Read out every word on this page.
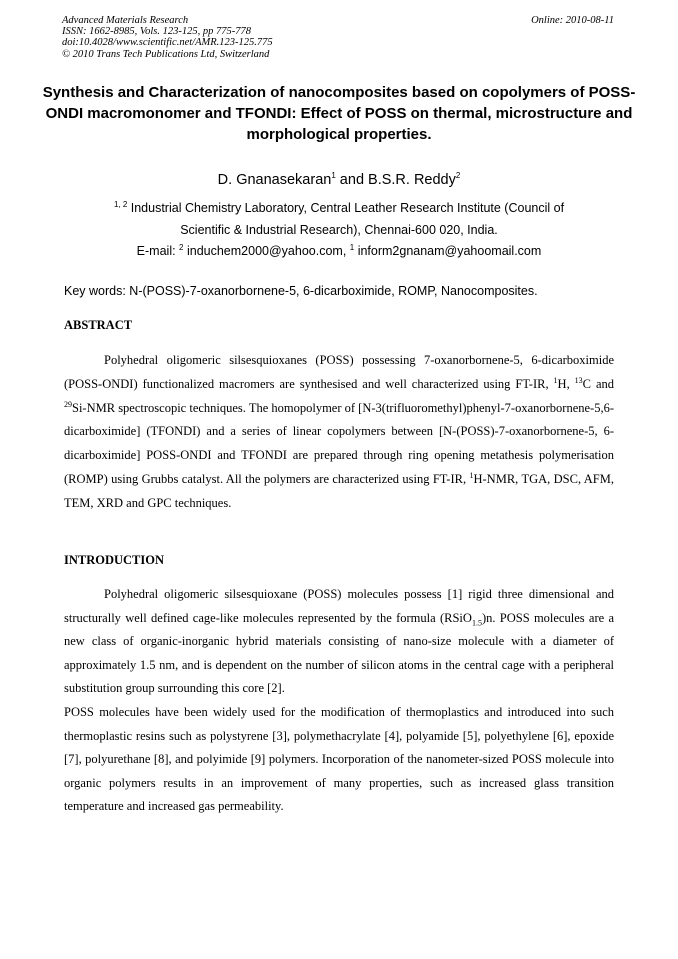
Advanced Materials Research
ISSN: 1662-8985, Vols. 123-125, pp 775-778
doi:10.4028/www.scientific.net/AMR.123-125.775
© 2010 Trans Tech Publications Ltd, Switzerland
Online: 2010-08-11
Synthesis and Characterization of nanocomposites based on copolymers of POSS-ONDI macromonomer and TFONDI: Effect of POSS on thermal, microstructure and morphological properties.
D. Gnanasekaran$^1$ and B.S.R. Reddy$^2$
$^{1, 2}$ Industrial Chemistry Laboratory, Central Leather Research Institute (Council of
Scientific & Industrial Research), Chennai-600 020, India.
E-mail: $^2$ induchem2000@yahoo.com, $^1$ inform2gnanam@yahoomail.com
Key words: N-(POSS)-7-oxanorbornene-5, 6-dicarboximide, ROMP, Nanocomposites.
ABSTRACT
Polyhedral oligomeric silsesquioxanes (POSS) possessing 7-oxanorbornene-5, 6-dicarboximide (POSS-ONDI) functionalized macromers are synthesised and well characterized using FT-IR, $^1$H, $^{13}$C and $^{29}$Si-NMR spectroscopic techniques. The homopolymer of [N-3(trifluoromethyl)phenyl-7-oxanorbornene-5,6-dicarboximide] (TFONDI) and a series of linear copolymers between [N-(POSS)-7-oxanorbornene-5, 6-dicarboximide] POSS-ONDI and TFONDI are prepared through ring opening metathesis polymerisation (ROMP) using Grubbs catalyst. All the polymers are characterized using FT-IR, $^1$H-NMR, TGA, DSC, AFM, TEM, XRD and GPC techniques.
INTRODUCTION
Polyhedral oligomeric silsesquioxane (POSS) molecules possess [1] rigid three dimensional and structurally well defined cage-like molecules represented by the formula (RSiO$_{1.5}$)n. POSS molecules are a new class of organic-inorganic hybrid materials consisting of nano-size molecule with a diameter of approximately 1.5 nm, and is dependent on the number of silicon atoms in the central cage with a peripheral substitution group surrounding this core [2].
POSS molecules have been widely used for the modification of thermoplastics and introduced into such thermoplastic resins such as polystyrene [3], polymethacrylate [4], polyamide [5], polyethylene [6], epoxide [7], polyurethane [8], and polyimide [9] polymers. Incorporation of the nanometer-sized POSS molecule into organic polymers results in an improvement of many properties, such as increased glass transition temperature and increased gas permeability.
